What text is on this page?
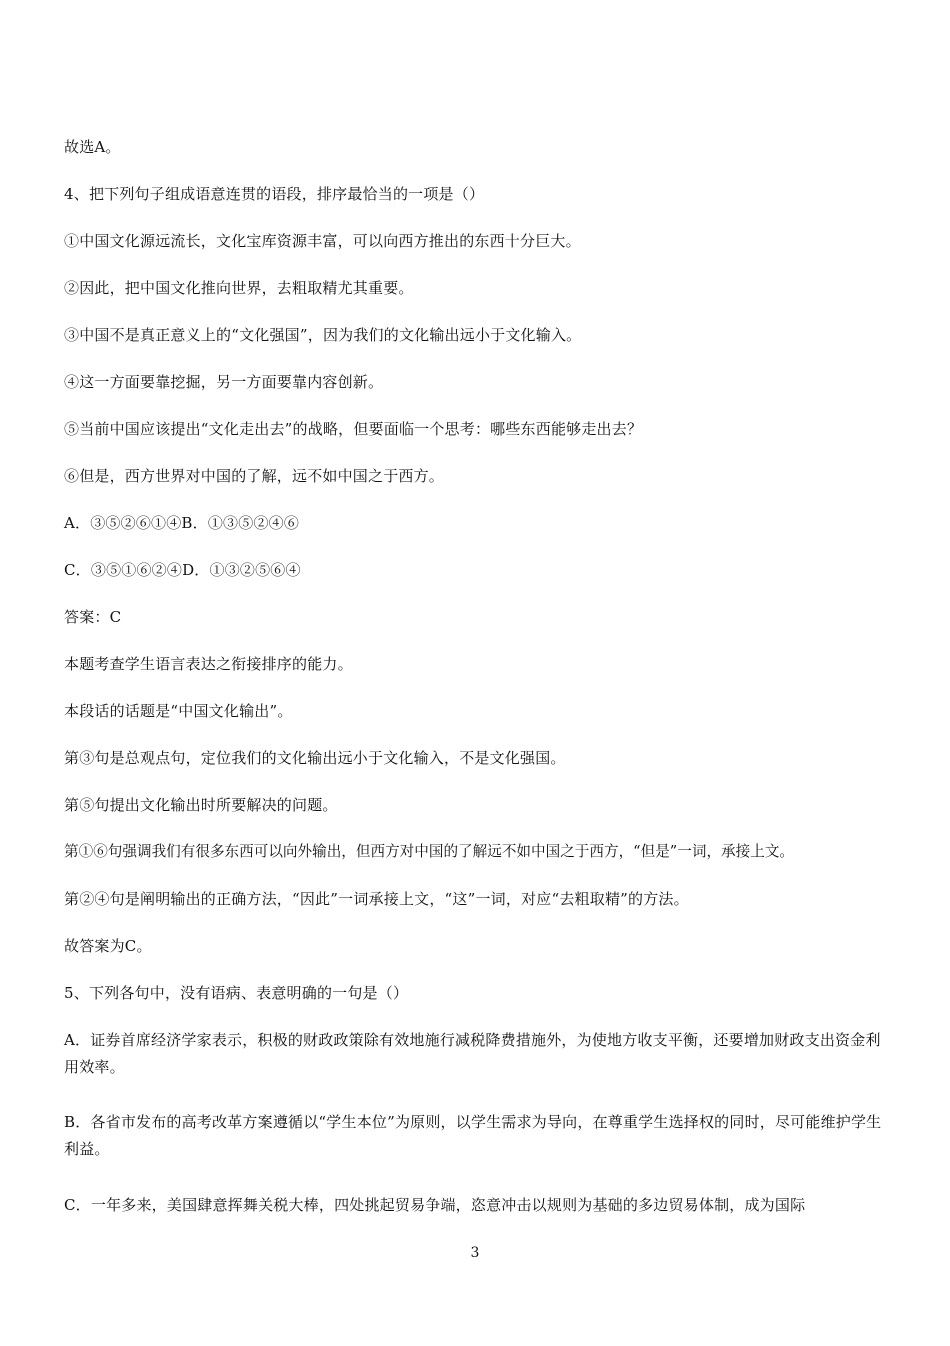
故选A。
4、把下列句子组成语意连贯的语段，排序最恰当的一项是（）
①中国文化源远流长，文化宝库资源丰富，可以向西方推出的东西十分巨大。
②因此，把中国文化推向世界，去粗取精尤其重要。
③中国不是真正意义上的“文化强国”，因为我们的文化输出远小于文化输入。
④这一方面要靠挖掘，另一方面要靠内容创新。
⑤当前中国应该提出“文化走出去”的战略，但要面临一个思考：哪些东西能够走出去？
⑥但是，西方世界对中国的了解，远不如中国之于西方。
A．③⑤②⑥①④B．①③⑤②④⑥
C．③⑤①⑥②④D．①③②⑤⑥④
答案：C
本题考查学生语言表达之衔接排序的能力。
本段话的话题是“中国文化输出”。
第③句是总观点句，定位我们的文化输出远小于文化输入，不是文化强国。
第⑤句提出文化输出时所要解决的问题。
第①⑥句强调我们有很多东西可以向外输出，但西方对中国的了解远不如中国之于西方，“但是”一词，承接上文。
第②④句是阐明输出的正确方法，“因此”一词承接上文，“这”一词，对应“去粗取精”的方法。
故答案为C。
5、下列各句中，没有语病、表意明确的一句是（）
A．证券首席经济学家表示，积极的财政政策除有效地施行减税降费措施外，为使地方收支平衡，还要增加财政支出资金利用效率。
B．各省市发布的高考改革方案遵循以“学生本位”为原则，以学生需求为导向，在尊重学生选择权的同时，尽可能维护学生利益。
C．一年多来，美国肆意挥舞关税大棒，四处挑起贸易争端，恣意冲击以规则为基础的多边贸易体制，成为国际
3
